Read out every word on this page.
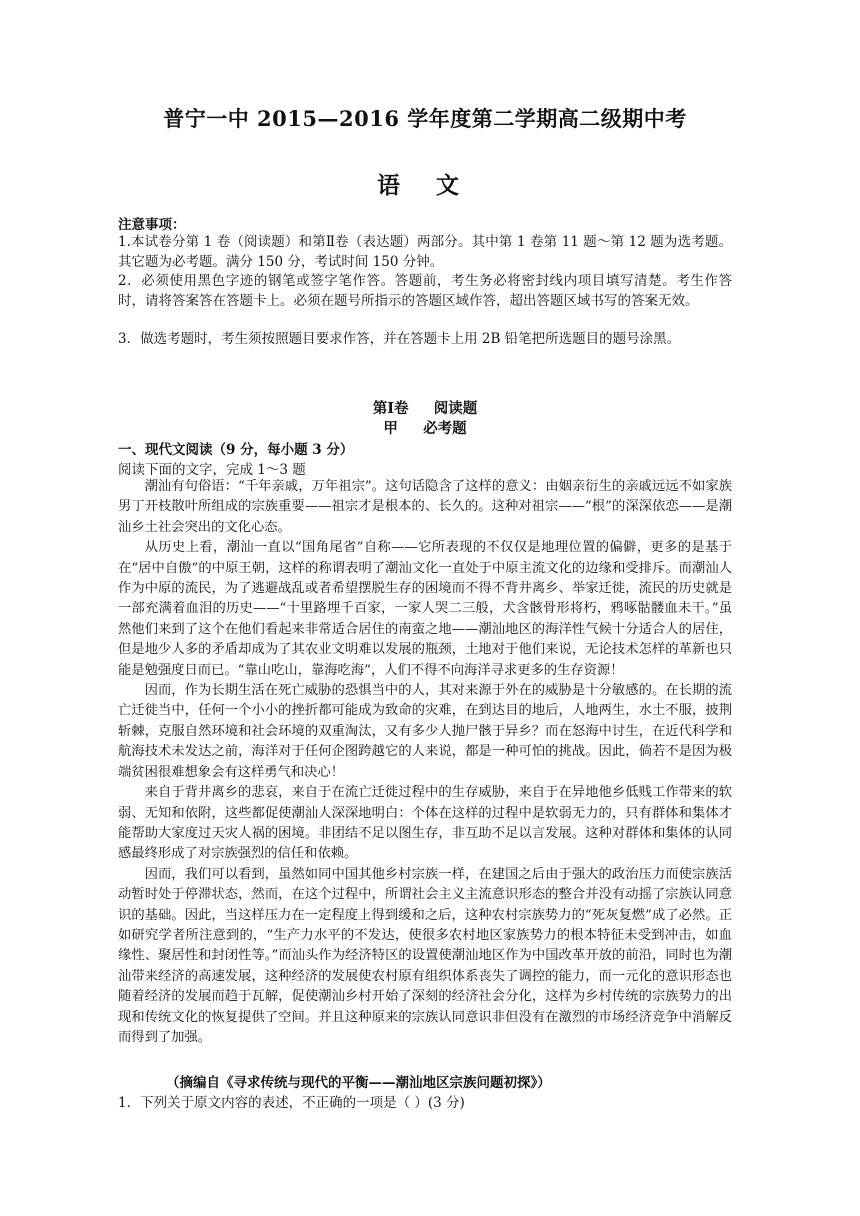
普宁一中 2015—2016 学年度第二学期高二级期中考
语 文
注意事项：
1.本试卷分第 1 卷（阅读题）和第Ⅱ卷（表达题）两部分。其中第 1 卷第 11 题～第 12 题为选考题。其它题为必考题。满分 150 分，考试时间 150 分钟。
2．必须使用黑色字迹的钢笔或签字笔作答。答题前，考生务必将密封线内项目填写清楚。考生作答时，请将答案答在答题卡上。必须在题号所指示的答题区域作答，超出答题区域书写的答案无效。
3．做选考题时，考生须按照题目要求作答，并在答题卡上用 2B 铅笔把所选题目的题号涂黑。
第Ⅰ卷     阅读题
甲     必考题
一、现代文阅读（9 分，每小题 3 分）
阅读下面的文字，完成 1～3 题

潮汕有句俗语：“千年亲戚，万年祖宗”。这句话隐含了这样的意义：由姻亲衍生的亲戚远远不如家族男丁开枝散叶所组成的宗族重要——祖宗才是根本的、长久的。这种对祖宗——“根”的深深依恋——是潮汕乡土社会突出的文化心态。

从历史上看，潮汕一直以“国角尾省”自称——它所表现的不仅仅是地理位置的偏僻，更多的是基于在“居中自傲”的中原王朝，这样的称谓表明了潮汕文化一直处于中原主流文化的边缘和受排斥。而潮汕人作为中原的流民，为了逃避战乱或者希望摆脱生存的困境而不得不背井离乡、举家迁徙，流民的历史就是一部充满着血泪的历史——“十里路埋千百家，一家人哭二三般，犬含骸骨形将朽，鸦啄骷髅血未干。”虽然他们来到了这个在他们看起来非常适合居住的南蛮之地——潮汕地区的海洋性气候十分适合人的居住，但是地少人多的矛盾却成为了其农业文明难以发展的瓶颈，土地对于他们来说，无论技术怎样的革新也只能是勉强度日而已。“靠山吃山，靠海吃海”，人们不得不向海洋寻求更多的生存资源！

因而，作为长期生活在死亡威胁的恐惧当中的人，其对来源于外在的威胁是十分敏感的。在长期的流亡迁徙当中，任何一个小小的挫折都可能成为致命的灾难，在到达目的地后，人地两生，水土不服，披荆斩棘，克服自然环境和社会环境的双重淘汰，又有多少人抛尸骸于异乡？而在怒海中讨生，在近代科学和航海技术未发达之前，海洋对于任何企图跨越它的人来说，都是一种可怕的挑战。因此，倘若不是因为极端贫困很难想象会有这样勇气和决心！

来自于背井离乡的悲哀，来自于在流亡迁徙过程中的生存威胁，来自于在异地他乡低贱工作带来的软弱、无知和依附，这些都促使潮汕人深深地明白：个体在这样的过程中是软弱无力的，只有群体和集体才能帮助大家度过天灾人祸的困境。非团结不足以图生存，非互助不足以言发展。这种对群体和集体的认同感最终形成了对宗族强烈的信任和依赖。

因而，我们可以看到，虽然如同中国其他乡村宗族一样，在建国之后由于强大的政治压力而使宗族活动暂时处于停滞状态，然而，在这个过程中，所谓社会主义主流意识形态的整合并没有动摇了宗族认同意识的基础。因此，当这样压力在一定程度上得到缓和之后，这种农村宗族势力的“死灰复燃”成了必然。正如研究学者所注意到的，“生产力水平的不发达，使很多农村地区家族势力的根本特征未受到冲击，如血缘性、聚居性和封闭性等。”而汕头作为经济特区的设置使潮汕地区作为中国改革开放的前沿，同时也为潮汕带来经济的高速发展，这种经济的发展使农村原有组织体系丧失了调控的能力，而一元化的意识形态也随着经济的发展而趋于瓦解，促使潮汕乡村开始了深刻的经济社会分化，这样为乡村传统的宗族势力的出现和传统文化的恢复提供了空间。并且这种原来的宗族认同意识非但没有在激烈的市场经济竞争中消解反而得到了加强。

（摘编自《寻求传统与现代的平衡——潮汕地区宗族问题初探》）
1．下列关于原文内容的表述，不正确的一项是（ ）(3 分)
